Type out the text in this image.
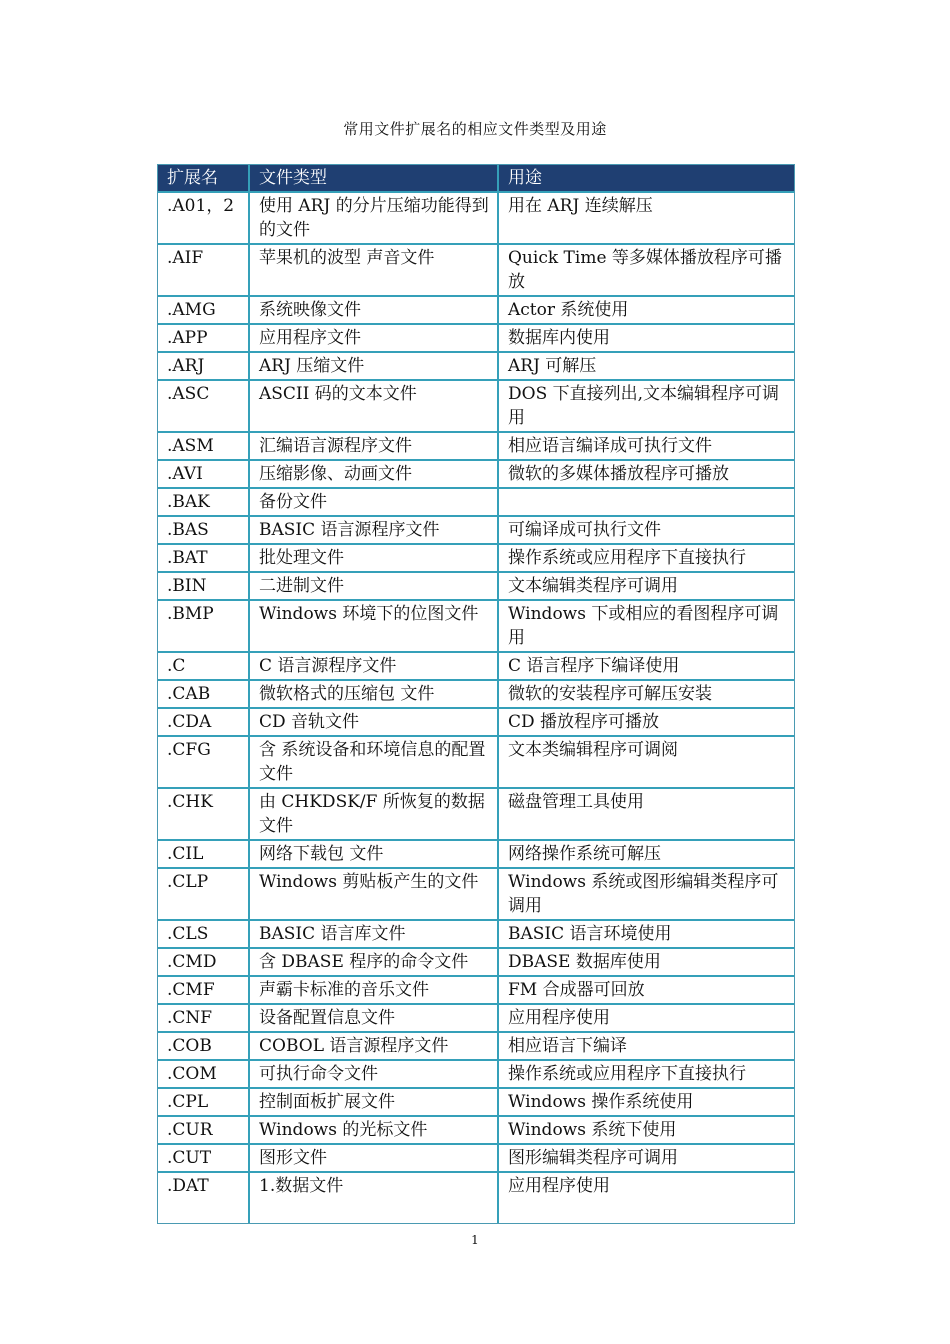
常用文件扩展名的相应文件类型及用途
扩展名	文件类型	用途
.A01，2	使用 ARJ 的分片压缩功能得到的文件	用在 ARJ 连续解压
.AIF	苹果机的波型 声音文件	Quick Time 等多媒体播放程序可播放
.AMG	系统映像文件	Actor 系统使用
.APP	应用程序文件	数据库内使用
.ARJ	ARJ 压缩文件	ARJ 可解压
.ASC	ASCII 码的文本文件	DOS 下直接列出,文本编辑程序可调用
.ASM	汇编语言源程序文件	相应语言编译成可执行文件
.AVI	压缩影像、动画文件	微软的多媒体播放程序可播放
.BAK	备份文件	
.BAS	BASIC 语言源程序文件	可编译成可执行文件
.BAT	批处理文件	操作系统或应用程序下直接执行
.BIN	二进制文件	文本编辑类程序可调用
.BMP	Windows 环境下的位图文件	Windows 下或相应的看图程序可调用
.C	C 语言源程序文件	C 语言程序下编译使用
.CAB	微软格式的压缩包 文件	微软的安装程序可解压安装
.CDA	CD 音轨文件	CD 播放程序可播放
.CFG	含 系统设备和环境信息的配置文件	文本类编辑程序可调阅
.CHK	由 CHKDSK/F 所恢复的数据文件	磁盘管理工具使用
.CIL	网络下载包 文件	网络操作系统可解压
.CLP	Windows 剪贴板产生的文件	Windows 系统或图形编辑类程序可调用
.CLS	BASIC 语言库文件	BASIC 语言环境使用
.CMD	含 DBASE 程序的命令文件	DBASE 数据库使用
.CMF	声霸卡标准的音乐文件	FM 合成器可回放
.CNF	设备配置信息文件	应用程序使用
.COB	COBOL 语言源程序文件	相应语言下编译
.COM	可执行命令文件	操作系统或应用程序下直接执行
.CPL	控制面板扩展文件	Windows 操作系统使用
.CUR	Windows 的光标文件	Windows 系统下使用
.CUT	图形文件	图形编辑类程序可调用
.DAT	1.数据文件	应用程序使用
1
